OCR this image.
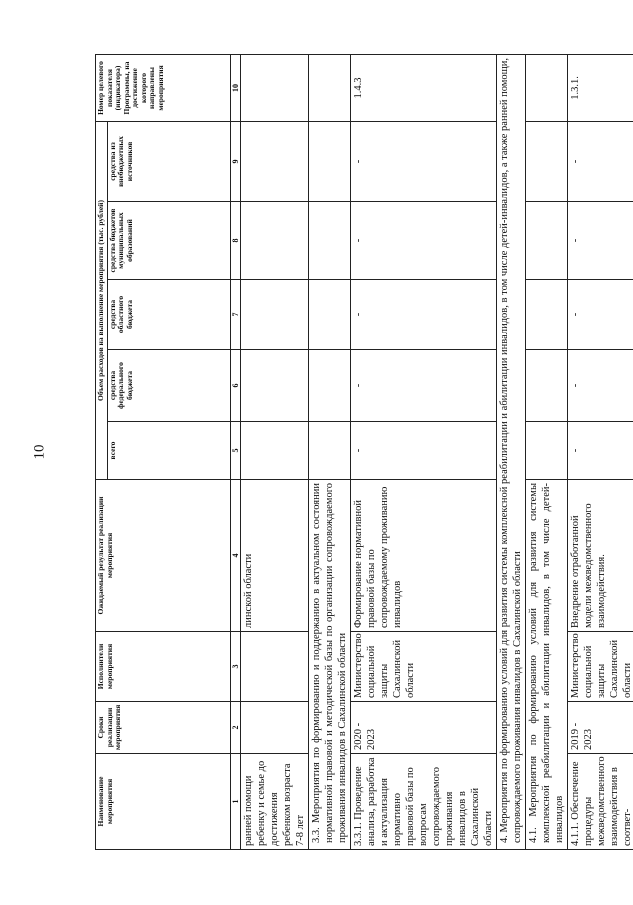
10
Наименование мероприятия	Сроки реализации мероприятия	Исполнители мероприятия	Ожидаемый результат реализации мероприятия	Объем расходов на выполнение мероприятия (тыс. рублей)					Номер целевого показателя (индикатора) Программы, на достижение которого направлены мероприятия
				всего	средства федерального бюджета	средства областного бюджета	средства бюджетов муниципальных образований	средства из внебюджетных источников	
1	2	3	4	5	6	7	8	9	10
ранней помощи ребенку и семье до достижения ребенком возраста 7-8 лет			линской области						
3.3. Мероприятия по формированию и поддержанию в актуальном состоянии нормативной правовой и методической базы по организации сопровождаемого проживания инвалидов в Сахалинской области									
3.3.1. Проведение анализа, разработка и актуализация нормативно правовой базы по вопросам сопровождаемого проживания инвалидов в Сахалинской области	2020 - 2023	Министерство социальной защиты Сахалинской области	Формирование нормативной правовой базы по сопровождаемому проживанию инвалидов	-	-	-	-	-	1.4.3
4. Мероприятия по формированию условий для развития системы комплексной реабилитации и абилитации инвалидов, в том числе детей-инвалидов, а также ранней помощи, сопровождаемого проживания инвалидов в Сахалинской области									
4.1. Мероприятия по формированию условий для развития системы комплексной реабилитации и абилитации инвалидов, в том числе детей-инвалидов									
4.1.1. Обеспечение процедуры межведомственного взаимодействия в соответ-	2019 - 2023	Министерство социальной защиты Сахалинской области	Внедрение отработанной модели межведомственного взаимодействия.	-	-	-	-	-	1.3.1.
